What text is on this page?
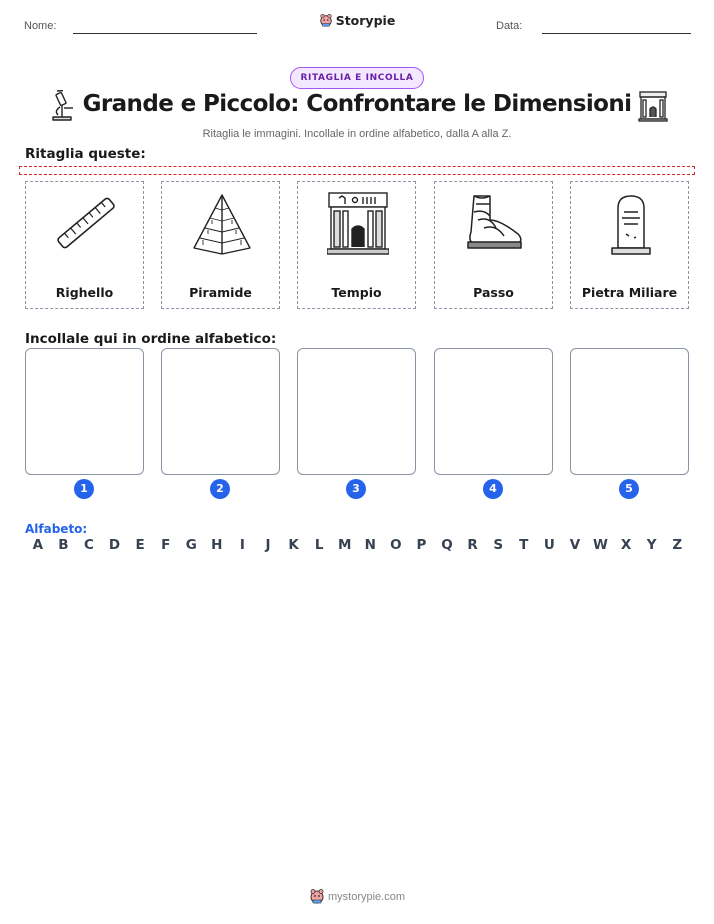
Nome:	Storypie	Data:
RITAGLIA E INCOLLA
Grande e Piccolo: Confrontare le Dimensioni
Ritaglia le immagini. Incollale in ordine alfabetico, dalla A alla Z.
Ritaglia queste:
Righello	Piramide	Tempio	Passo	Pietra Miliare
Incollale qui in ordine alfabetico:
1	2	3	4	5
Alfabeto:
A	B	C	D	E	F	G	H	I	J	K	L	M N	O	P	Q	R	S	T	U	V W X	Y	Z
mystorypie.com
